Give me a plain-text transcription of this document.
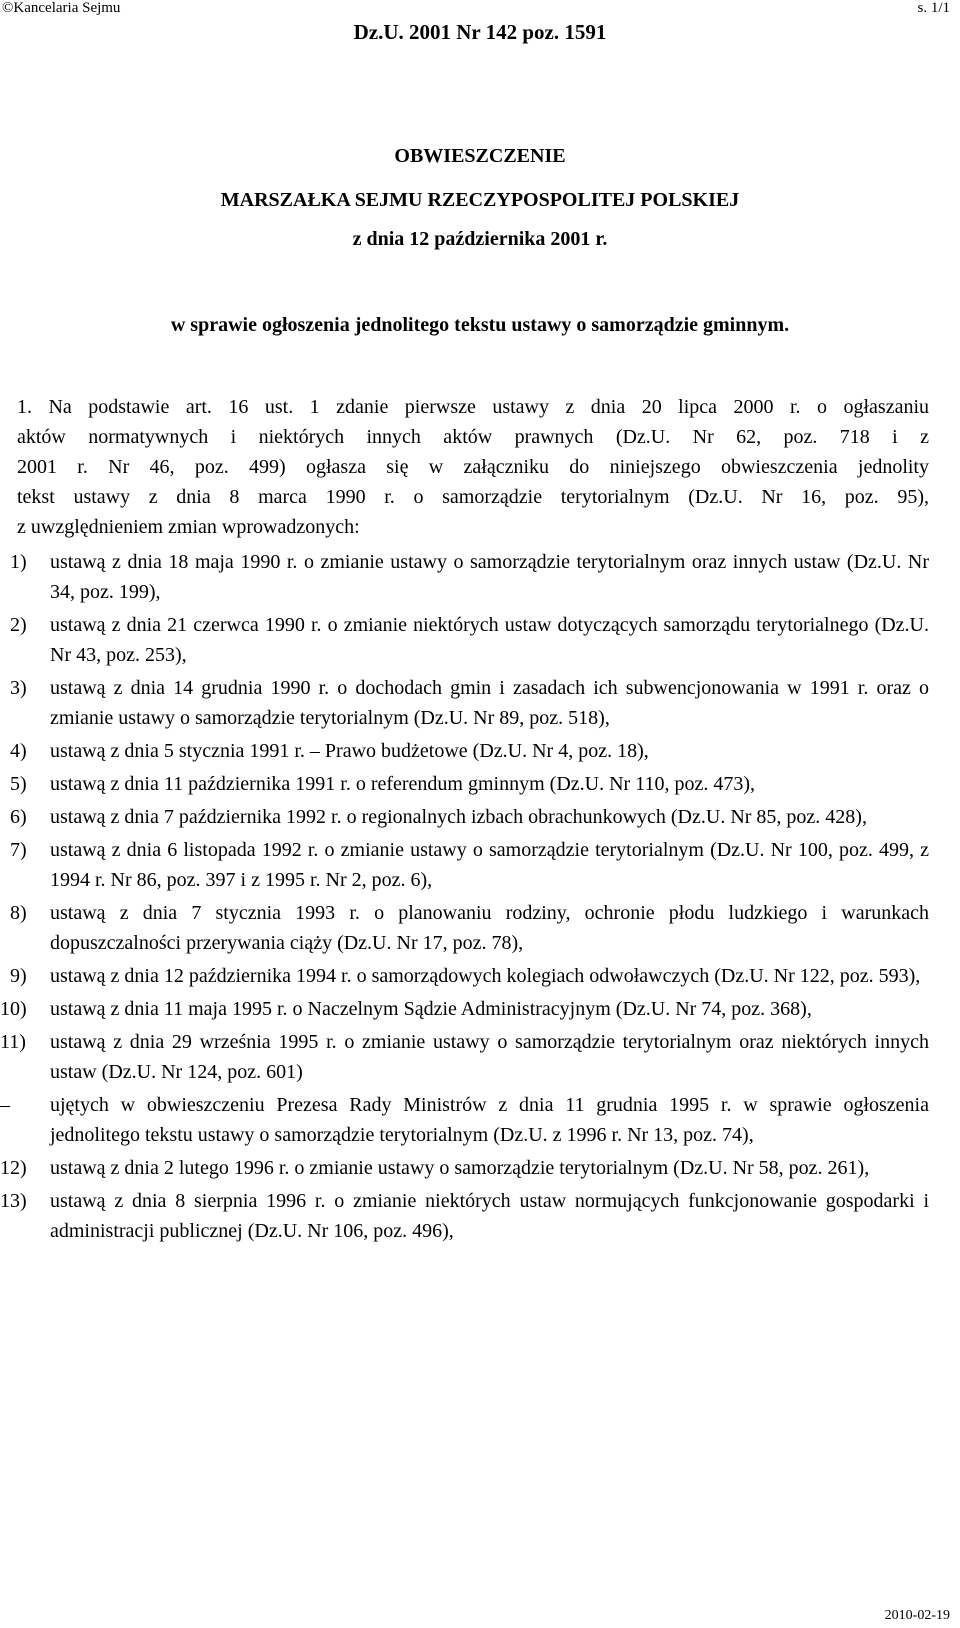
©Kancelaria Sejmu	s. 1/1
Dz.U. 2001 Nr 142 poz. 1591
OBWIESZCZENIE
MARSZAŁKA SEJMU RZECZYPOSPOLITEJ POLSKIEJ
z dnia 12 października 2001 r.
w sprawie ogłoszenia jednolitego tekstu ustawy o samorządzie gminnym.
1. Na podstawie art. 16 ust. 1 zdanie pierwsze ustawy z dnia 20 lipca 2000 r. o ogłaszaniu
aktów normatywnych i niektórych innych aktów prawnych (Dz.U. Nr 62, poz. 718 i z
2001 r. Nr 46, poz. 499) ogłasza się w załączniku do niniejszego obwieszczenia jednolity
tekst ustawy z dnia 8 marca 1990 r. o samorządzie terytorialnym (Dz.U. Nr 16, poz. 95),
z uwzględnieniem zmian wprowadzonych:
1) ustawą z dnia 18 maja 1990 r. o zmianie ustawy o samorządzie terytorialnym oraz innych ustaw (Dz.U. Nr 34, poz. 199),
2) ustawą z dnia 21 czerwca 1990 r. o zmianie niektórych ustaw dotyczących samorządu terytorialnego (Dz.U. Nr 43, poz. 253),
3) ustawą z dnia 14 grudnia 1990 r. o dochodach gmin i zasadach ich subwencjonowania w 1991 r. oraz o zmianie ustawy o samorządzie terytorialnym (Dz.U. Nr 89, poz. 518),
4) ustawą z dnia 5 stycznia 1991 r. – Prawo budżetowe (Dz.U. Nr 4, poz. 18),
5) ustawą z dnia 11 października 1991 r. o referendum gminnym (Dz.U. Nr 110, poz. 473),
6) ustawą z dnia 7 października 1992 r. o regionalnych izbach obrachunkowych (Dz.U. Nr 85, poz. 428),
7) ustawą z dnia 6 listopada 1992 r. o zmianie ustawy o samorządzie terytorialnym (Dz.U. Nr 100, poz. 499, z 1994 r. Nr 86, poz. 397 i z 1995 r. Nr 2, poz. 6),
8) ustawą z dnia 7 stycznia 1993 r. o planowaniu rodziny, ochronie płodu ludzkiego i warunkach dopuszczalności przerywania ciąży (Dz.U. Nr 17, poz. 78),
9) ustawą z dnia 12 października 1994 r. o samorządowych kolegiach odwoławczych (Dz.U. Nr 122, poz. 593),
10) ustawą z dnia 11 maja 1995 r. o Naczelnym Sądzie Administracyjnym (Dz.U. Nr 74, poz. 368),
11) ustawą z dnia 29 września 1995 r. o zmianie ustawy o samorządzie terytorialnym oraz niektórych innych ustaw (Dz.U. Nr 124, poz. 601)
– ujętych w obwieszczeniu Prezesa Rady Ministrów z dnia 11 grudnia 1995 r. w sprawie ogłoszenia jednolitego tekstu ustawy o samorządzie terytorialnym (Dz.U. z 1996 r. Nr 13, poz. 74),
12) ustawą z dnia 2 lutego 1996 r. o zmianie ustawy o samorządzie terytorialnym (Dz.U. Nr 58, poz. 261),
13) ustawą z dnia 8 sierpnia 1996 r. o zmianie niektórych ustaw normujących funkcjonowanie gospodarki i administracji publicznej (Dz.U. Nr 106, poz. 496),
2010-02-19
